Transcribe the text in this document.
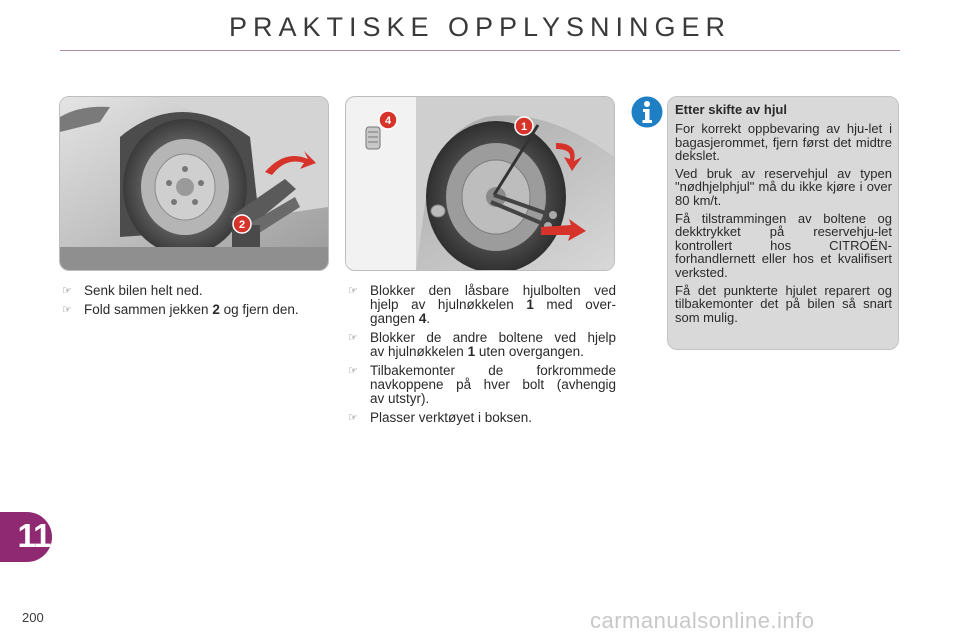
PRAKTISKE OPPLYSNINGER
2
4	1
☞ Senk bilen helt ned.
☞ Fold sammen jekken 2 og fjern den.
☞ Blokker den låsbare hjulbolten ved
hjelp av hjulnøkkelen 1 med over-
gangen 4.
☞ Blokker de andre boltene ved hjelp
av hjulnøkkelen 1 uten overgangen.
☞ Tilbakemonter de forkrommede
navkoppene på hver bolt (avhengig
av utstyr).
☞ Plasser verktøyet i boksen.
Etter skifte av hjul

For korrekt oppbevaring av hju-let i bagasjerommet, fjern først det midtre dekslet.

Ved bruk av reservehjul av typen "nødhjelphjul" må du ikke kjøre i over 80 km/t.

Få tilstrammingen av boltene og dekktrykket på reservehju-let kontrollert hos CITROËN-forhandlernett eller hos et kvalifisert verksted.

Få det punkterte hjulet reparert og tilbakemonter det på bilen så snart som mulig.

11
200	carmanualsonline.info
